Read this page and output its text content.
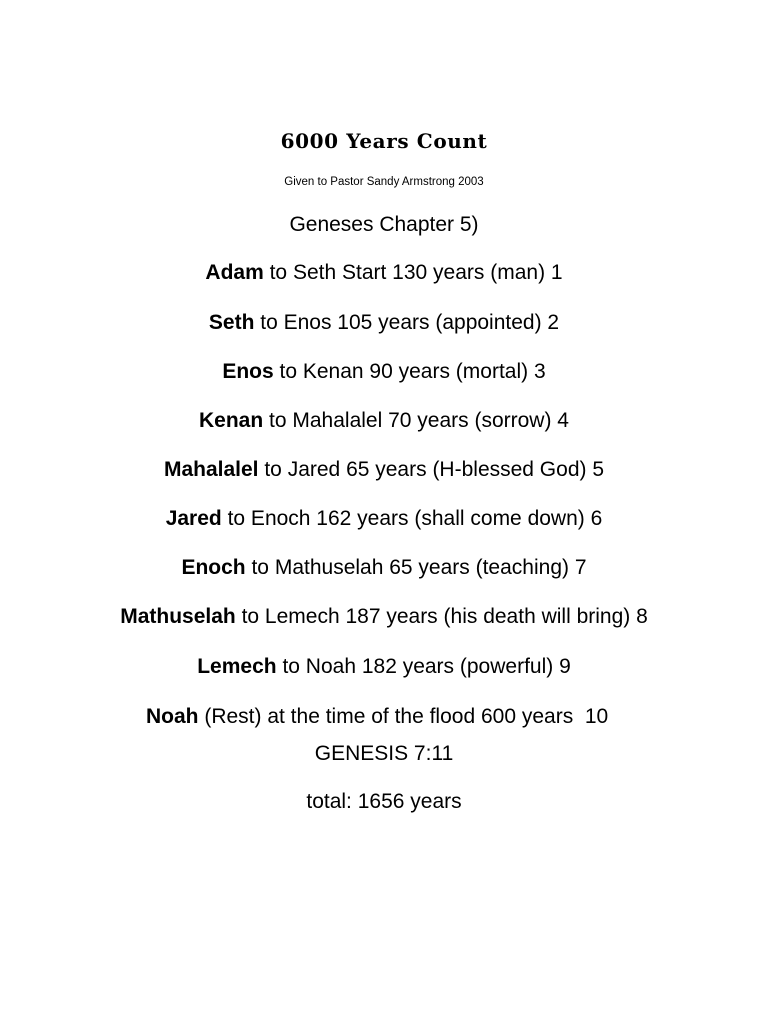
6000 Years Count
Given to Pastor Sandy Armstrong 2003
Geneses Chapter 5)
Adam to Seth Start 130 years (man) 1
Seth to Enos 105 years (appointed) 2
Enos to Kenan 90 years (mortal) 3
Kenan to Mahalalel 70 years (sorrow) 4
Mahalalel to Jared 65 years (H-blessed God) 5
Jared to Enoch 162 years (shall come down) 6
Enoch to Mathuselah 65 years (teaching) 7
Mathuselah to Lemech 187 years (his death will bring) 8
Lemech to Noah 182 years (powerful) 9
Noah (Rest) at the time of the flood 600 years  10
GENESIS 7:11
total: 1656 years
